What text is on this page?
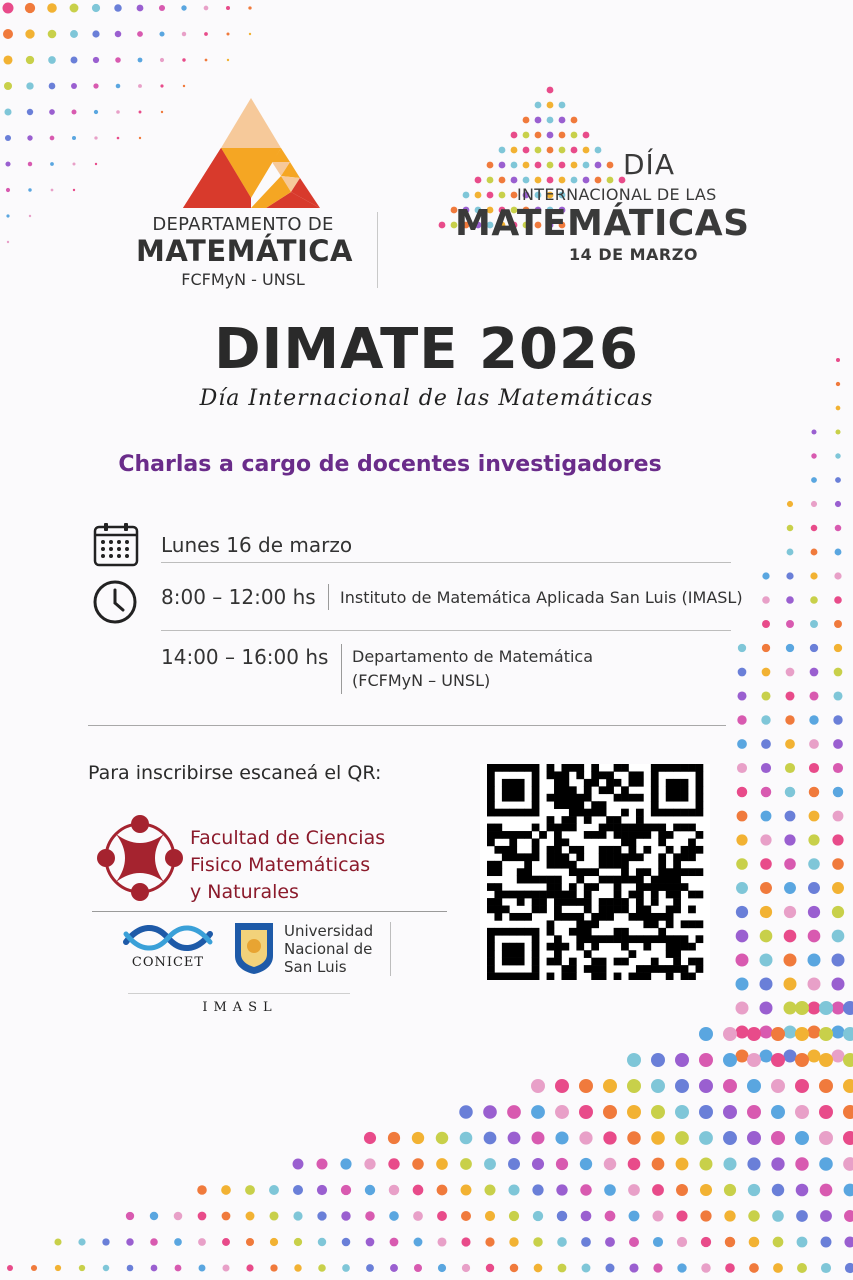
DEPARTAMENTO DE
MATEMÁTICA
FCFMyN - UNSL
DÍA
INTERNACIONAL DE LAS
MATEMÁTICAS
14 DE MARZO
DIMATE 2026
Día Internacional de las Matemáticas
Charlas a cargo de docentes investigadores
Lunes 16 de marzo
8:00 – 12:00 hs Instituto de Matemática Aplicada San Luis (IMASL)
14:00 – 16:00 hs Departamento de Matemática
(FCFMyN – UNSL)
Para inscribirse escaneá el QR:
Facultad de Ciencias
Fisico Matemáticas
y Naturales
CONICET
Universidad
Nacional de
San Luis
IMASL
